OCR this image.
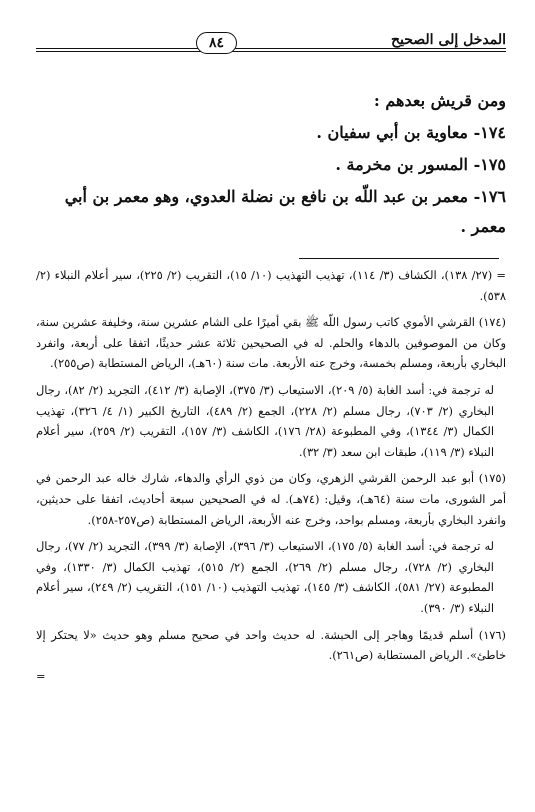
المدخل إلى الصحيح
٨٤

ومن قريش بعدهم :

١٧٤- معاوية بن أبي سفيان .

١٧٥- المسور بن مخرمة .

١٧٦- معمر بن عبد اللّه بن نافع بن نضلة العدوي، وهو معمر بن أبي معمر .

= (٢٧/ ١٣٨)، الكشاف (٣/ ١١٤)، تهذيب التهذيب (١٠/ ١٥)، التقريب (٢/ ٢٢٥)، سير أعلام النبلاء (٢/ ٥٣٨).

(١٧٤) القرشي الأموي كاتب رسول اللّه ﷺ بقي أميرًا على الشام عشرين سنة، وخليفة عشرين سنة، وكان من الموصوفين بالدهاء والحلم. له في الصحيحين ثلاثة عشر حديثًا، اتفقا على أربعة، وانفرد البخاري بأربعة، ومسلم بخمسة، وخرج عنه الأربعة. مات سنة (٦٠هـ)، الرياض المستطابة (ص٢٥٥).

له ترجمة في: أسد الغابة (٥/ ٢٠٩)، الاستيعاب (٣/ ٣٧٥)، الإصابة (٣/ ٤١٢)، التجريد (٢/ ٨٢)، رجال البخاري (٢/ ٧٠٣)، رجال مسلم (٢/ ٢٢٨)، الجمع (٢/ ٤٨٩)، التاريخ الكبير (١/ ٤/ ٣٢٦)، تهذيب الكمال (٣/ ١٣٤٤)، وفي المطبوعة (٢٨/ ١٧٦)، الكاشف (٣/ ١٥٧)، التقريب (٢/ ٢٥٩)، سير أعلام النبلاء (٣/ ١١٩)، طبقات ابن سعد (٣/ ٣٢).

(١٧٥) أبو عبد الرحمن القرشي الزهري، وكان من ذوي الرأي والدهاء، شارك خاله عبد الرحمن في أمر الشورى، مات سنة (٦٤هـ)، وقيل: (٧٤هـ). له في الصحيحين سبعة أحاديث، اتفقا على حديثين، وانفرد البخاري بأربعة، ومسلم بواحد، وخرج عنه الأربعة، الرياض المستطابة (ص٢٥٧-٢٥٨).

له ترجمة في: أسد الغابة (٥/ ١٧٥)، الاستيعاب (٣/ ٣٩٦)، الإصابة (٣/ ٣٩٩)، التجريد (٢/ ٧٧)، رجال البخاري (٢/ ٧٢٨)، رجال مسلم (٢/ ٢٦٩)، الجمع (٢/ ٥١٥)، تهذيب الكمال (٣/ ١٣٣٠)، وفي المطبوعة (٢٧/ ٥٨١)، الكاشف (٣/ ١٤٥)، تهذيب التهذيب (١٠/ ١٥١)، التقريب (٢/ ٢٤٩)، سير أعلام النبلاء (٣/ ٣٩٠).

(١٧٦) أسلم قديمًا وهاجر إلى الحبشة. له حديث واحد في صحيح مسلم وهو حديث «لا يحتكر إلا خاطئ». الرياض المستطابة (ص٢٦١).

=
